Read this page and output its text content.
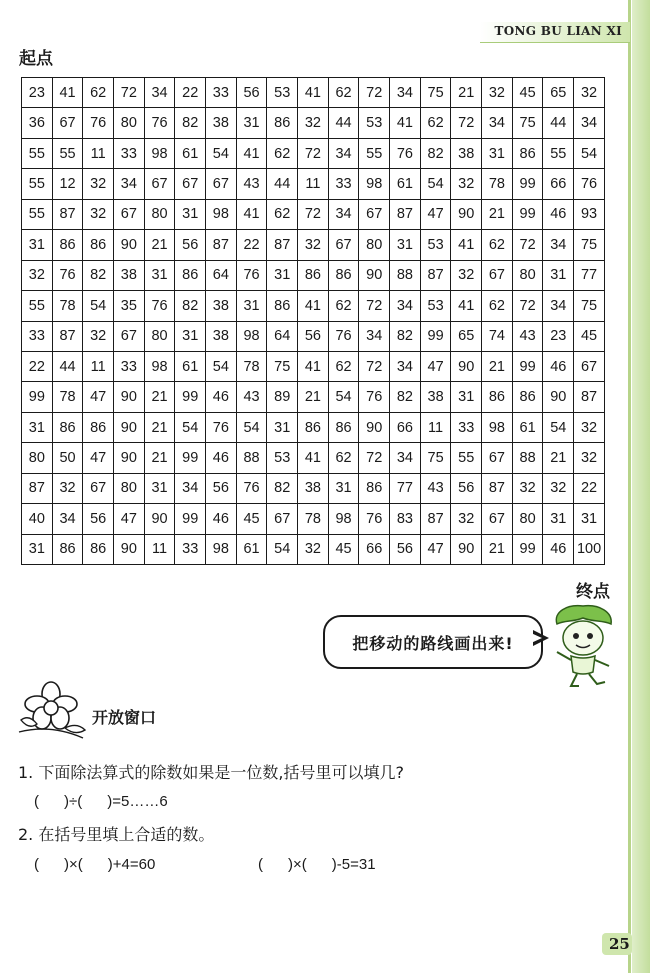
TONG BU LIAN XI
起点
23	41	62	72	34	22	33	56	53	41	62	72	34	75	21	32	45	65	32
36	67	76	80	76	82	38	31	86	32	44	53	41	62	72	34	75	44	34
55	55	11	33	98	61	54	41	62	72	34	55	76	82	38	31	86	55	54
55	12	32	34	67	67	67	43	44	11	33	98	61	54	32	78	99	66	76
55	87	32	67	80	31	98	41	62	72	34	67	87	47	90	21	99	46	93
31	86	86	90	21	56	87	22	87	32	67	80	31	53	41	62	72	34	75
32	76	82	38	31	86	64	76	31	86	86	90	88	87	32	67	80	31	77
55	78	54	35	76	82	38	31	86	41	62	72	34	53	41	62	72	34	75
33	87	32	67	80	31	38	98	64	56	76	34	82	99	65	74	43	23	45
22	44	11	33	98	61	54	78	75	41	62	72	34	47	90	21	99	46	67
99	78	47	90	21	99	46	43	89	21	54	76	82	38	31	86	86	90	87
31	86	86	90	21	54	76	54	31	86	86	90	66	11	33	98	61	54	32
80	50	47	90	21	99	46	88	53	41	62	72	34	75	55	67	88	21	32
87	32	67	80	31	34	56	76	82	38	31	86	77	43	56	87	32	32	22
40	34	56	47	90	99	46	45	67	78	98	76	83	87	32	67	80	31	31
31	86	86	90	11	33	98	61	54	32	45	66	56	47	90	21	99	46	100
终点
把移动的路线画出来!
开放窗口
1. 下面除法算式的除数如果是一位数,括号里可以填几?
(      )÷(      )=5……6
2. 在括号里填上合适的数。
(      )×(      )+4=60	(      )×(      )-5=31
25
